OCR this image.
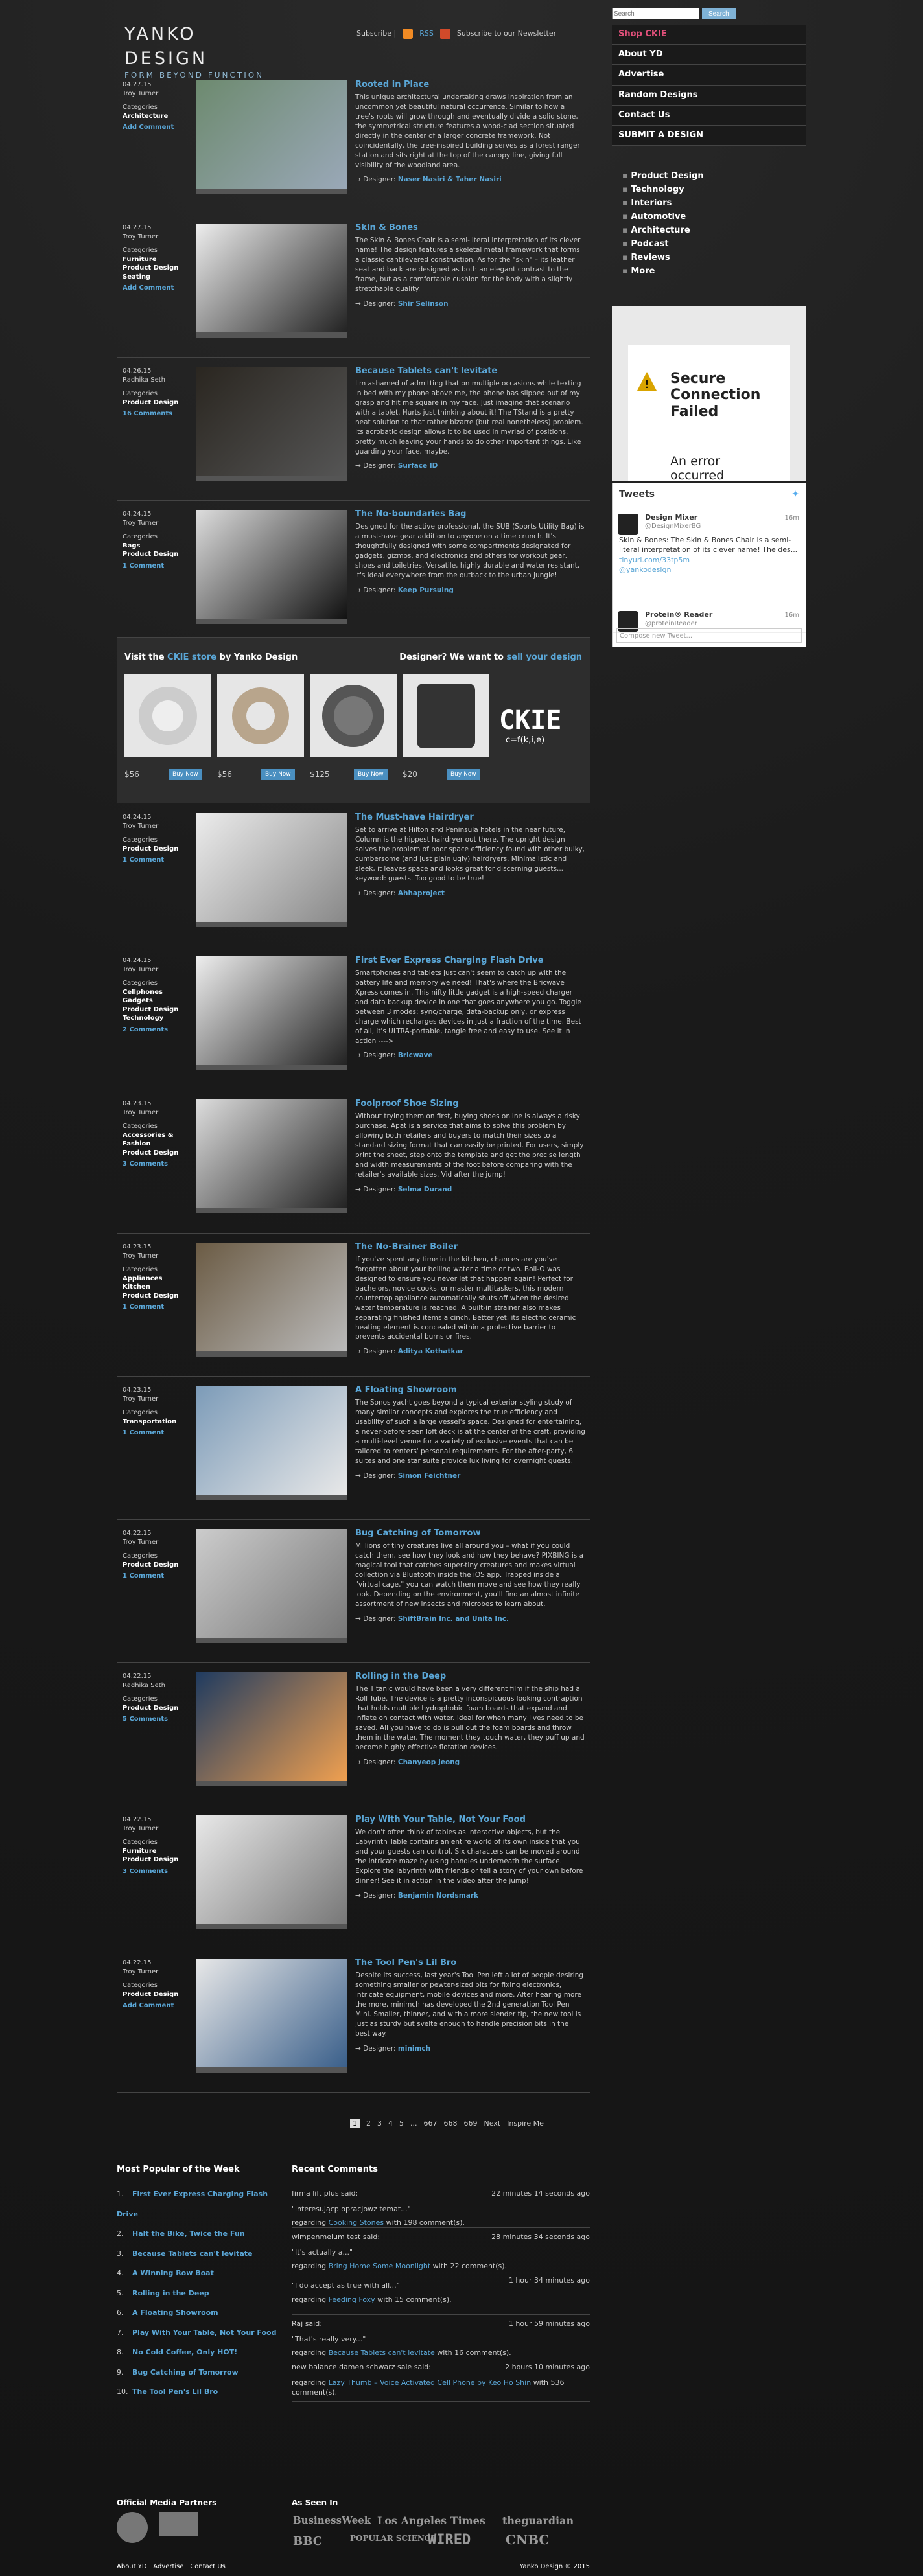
YANKO DESIGN
FORM BEYOND FUNCTION
Subscribe |	RSS	Subscribe to our Newsletter
04.27.15
Troy Turner
Categories
Architecture
Add Comment
Rooted in Place
This unique architectural undertaking draws inspiration from an uncommon yet beautiful natural occurrence. Similar to how a tree's roots will grow through and eventually divide a solid stone, the symmetrical structure features a wood-clad section situated directly in the center of a larger concrete framework. Not coincidentally, the tree-inspired building serves as a forest ranger station and sits right at the top of the canopy line, giving full visibility of the woodland area.
→ Designer: Naser Nasiri & Taher Nasiri
04.27.15
Troy Turner
Categories
Furniture
Product Design
Seating
Add Comment
Skin & Bones
The Skin & Bones Chair is a semi-literal interpretation of its clever name! The design features a skeletal metal framework that forms a classic cantilevered construction. As for the "skin" – its leather seat and back are designed as both an elegant contrast to the frame, but as a comfortable cushion for the body with a slightly stretchable quality.
→ Designer: Shir Selinson
04.26.15
Radhika Seth
Categories
Product Design
16 Comments
Because Tablets can't levitate
I'm ashamed of admitting that on multiple occasions while texting in bed with my phone above me, the phone has slipped out of my grasp and hit me square in my face. Just imagine that scenario with a tablet. Hurts just thinking about it! The TStand is a pretty neat solution to that rather bizarre (but real nonetheless) problem. Its acrobatic design allows it to be used in myriad of positions, pretty much leaving your hands to do other important things. Like guarding your face, maybe.
→ Designer: Surface ID
04.24.15
Troy Turner
Categories
Bags
Product Design
1 Comment
The No-boundaries Bag
Designed for the active professional, the SUB (Sports Utility Bag) is a must-have gear addition to anyone on a time crunch. It's thoughtfully designed with some compartments designated for gadgets, gizmos, and electronics and others for workout gear, shoes and toiletries. Versatile, highly durable and water resistant, it's ideal everywhere from the outback to the urban jungle!
→ Designer: Keep Pursuing
04.24.15
Troy Turner
Categories
Product Design
1 Comment
The Must-have Hairdryer
Set to arrive at Hilton and Peninsula hotels in the near future, Column is the hippest hairdryer out there. The upright design solves the problem of poor space efficiency found with other bulky, cumbersome (and just plain ugly) hairdryers. Minimalistic and sleek, it leaves space and looks great for discerning guests... keyword: guests. Too good to be true!
→ Designer: Ahhaproject
04.24.15
Troy Turner
Categories
Cellphones
Gadgets
Product Design
Technology
2 Comments
First Ever Express Charging Flash Drive
Smartphones and tablets just can't seem to catch up with the battery life and memory we need! That's where the Bricwave Xpress comes in. This nifty little gadget is a high-speed charger and data backup device in one that goes anywhere you go. Toggle between 3 modes: sync/charge, data-backup only, or express charge which recharges devices in just a fraction of the time. Best of all, it's ULTRA-portable, tangle free and easy to use. See it in action ---->
→ Designer: Bricwave
04.23.15
Troy Turner
Categories
Accessories & Fashion
Product Design
3 Comments
Foolproof Shoe Sizing
Without trying them on first, buying shoes online is always a risky purchase. Apat is a service that aims to solve this problem by allowing both retailers and buyers to match their sizes to a standard sizing format that can easily be printed. For users, simply print the sheet, step onto the template and get the precise length and width measurements of the foot before comparing with the retailer's available sizes. Vid after the jump!
→ Designer: Selma Durand
04.23.15
Troy Turner
Categories
Appliances
Kitchen
Product Design
1 Comment
The No-Brainer Boiler
If you've spent any time in the kitchen, chances are you've forgotten about your boiling water a time or two. Boil-O was designed to ensure you never let that happen again! Perfect for bachelors, novice cooks, or master multitaskers, this modern countertop appliance automatically shuts off when the desired water temperature is reached. A built-in strainer also makes separating finished items a cinch. Better yet, its electric ceramic heating element is concealed within a protective barrier to prevents accidental burns or fires.
→ Designer: Aditya Kothatkar
04.23.15
Troy Turner
Categories
Transportation
1 Comment
A Floating Showroom
The Sonos yacht goes beyond a typical exterior styling study of many similar concepts and explores the true efficiency and usability of such a large vessel's space. Designed for entertaining, a never-before-seen loft deck is at the center of the craft, providing a multi-level venue for a variety of exclusive events that can be tailored to renters' personal requirements. For the after-party, 6 suites and one star suite provide lux living for overnight guests.
→ Designer: Simon Feichtner
04.22.15
Troy Turner
Categories
Product Design
1 Comment
Bug Catching of Tomorrow
Millions of tiny creatures live all around you – what if you could catch them, see how they look and how they behave? PIXBING is a magical tool that catches super-tiny creatures and makes virtual collection via Bluetooth inside the iOS app. Trapped inside a "virtual cage," you can watch them move and see how they really look. Depending on the environment, you'll find an almost infinite assortment of new insects and microbes to learn about.
→ Designer: ShiftBrain Inc. and Unita Inc.
04.22.15
Radhika Seth
Categories
Product Design
5 Comments
Rolling in the Deep
The Titanic would have been a very different film if the ship had a Roll Tube. The device is a pretty inconspicuous looking contraption that holds multiple hydrophobic foam boards that expand and inflate on contact with water. Ideal for when many lives need to be saved. All you have to do is pull out the foam boards and throw them in the water. The moment they touch water, they puff up and become highly effective flotation devices.
→ Designer: Chanyeop Jeong
04.22.15
Troy Turner
Categories
Furniture
Product Design
3 Comments
Play With Your Table, Not Your Food
We don't often think of tables as interactive objects, but the Labyrinth Table contains an entire world of its own inside that you and your guests can control. Six characters can be moved around the intricate maze by using handles underneath the surface. Explore the labyrinth with friends or tell a story of your own before dinner! See it in action in the video after the jump!
→ Designer: Benjamin Nordsmark
04.22.15
Troy Turner
Categories
Product Design
Add Comment
The Tool Pen's Lil Bro
Despite its success, last year's Tool Pen left a lot of people desiring something smaller or pewter-sized bits for fixing electronics, intricate equipment, mobile devices and more. After hearing more the more, minimch has developed the 2nd generation Tool Pen Mini. Smaller, thinner, and with a more slender tip, the new tool is just as sturdy but svelte enough to handle precision bits in the best way.
→ Designer: minimch
Visit the CKIE store by Yanko Design	Designer? We want to sell your design
CKIE
c=f(k,i,e)
$56	Buy Now	$56	Buy Now	$125	Buy Now	$20	Buy Now
Search
Search
Shop CKIE
About YD
Advertise
Random Designs
Contact Us
SUBMIT A DESIGN
▪ Product Design
▪ Technology
▪ Interiors
▪ Automotive
▪ Architecture
▪ Podcast
▪ Reviews
▪ More
! Secure Connection Failed
An error occurred
Tweets	✦
Design Mixer
@DesignMixerBG
16m
Skin & Bones: The Skin & Bones Chair is a semi-literal interpretation of its clever name! The des...
tinyurl.com/33tp5m
@yankodesign
Protein® Reader
@proteinReader
16m
Compose new Tweet...
1	2 3 4 5 ... 667 668 669 Next Inspire Me
Most Popular of the Week
1. First Ever Express Charging Flash Drive
2. Halt the Bike, Twice the Fun
3. Because Tablets can't levitate
4. A Winning Row Boat
5. Rolling in the Deep
6. A Floating Showroom
7. Play With Your Table, Not Your Food
8. No Cold Coffee, Only HOT!
9. Bug Catching of Tomorrow
10. The Tool Pen's Lil Bro
Recent Comments
firma lift plus said:	22 minutes 14 seconds ago
"interesującp opracjowz temat..."
regarding Cooking Stones with 198 comment(s).
wimpenmelum test said:	28 minutes 34 seconds ago
"It's actually a..."
regarding Bring Home Some Moonlight with 22 comment(s).
1 hour 34 minutes ago
"I do accept as true with all..."
regarding Feeding Foxy with 15 comment(s).
Raj said:	1 hour 59 minutes ago
"That's really very..."
regarding Because Tablets can't levitate with 16 comment(s).
new balance damen schwarz sale said:	2 hours 10 minutes ago
regarding Lazy Thumb – Voice Activated Cell Phone by Keo Ho Shin with 536 comment(s).
Official Media Partners	As Seen In
BusinessWeek Los Angeles Times theguardian
BBC	POPULAR SCIENCE
WIRED	CNBC
About YD | Advertise | Contact Us	Yanko Design © 2015
